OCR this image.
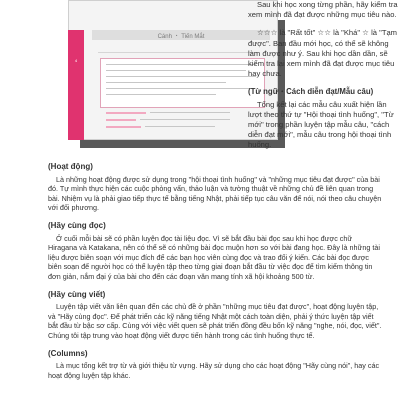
4
Cánh ・ Tiến Mắt

Sau khi học xong từng phần, hãy kiểm tra xem mình đã đạt được những mục tiêu nào.

☆☆☆ là "Rất tốt" ☆☆ là "Khá" ☆ là "Tạm được". Ban đầu mới học, có thể sẽ không làm được như ý. Sau khi học dần dần, sẽ kiểm tra lại xem mình đã đạt được mục tiêu hay chưa.

(Từ ngữ・Cách diễn đạt/Mẫu câu)

Tổng kết lại các mẫu câu xuất hiện lần lượt theo thứ tự "Hội thoại tình huống", "Từ mới" trong phần luyện tập mẫu câu, "cách diễn đạt mới", mẫu câu trong hội thoại tình huống.

(Hoạt động)

Là những hoạt động được sử dụng trong "hội thoại tình huống" và "những mục tiêu đạt được" của bài đó. Tự mình thực hiện các cuộc phỏng vấn, thảo luận và tường thuật về những chủ đề liên quan trong bài. Nhiệm vụ là phải giao tiếp thực tế bằng tiếng Nhật, phải tiếp tục câu văn để nói, nói theo câu chuyện với đối phương.

(Hãy cùng đọc)

Ở cuối mỗi bài sẽ có phần luyện đọc tài liệu đọc. Vì sẽ bắt đầu bài đọc sau khi học được chữ Hiragana và Katakana, nên có thể sẽ có những bài đọc muộn hơn so với bài đang học. Đây là những tài liệu được biên soạn với mục đích để các bạn học viên cùng đọc và trao đổi ý kiến. Các bài đọc được biên soạn để người học có thể luyện tập theo từng giai đoạn bắt đầu từ việc đọc để tìm kiếm thông tin đơn giản, nắm đại ý của bài cho đến các đoạn văn mang tính xã hội khoảng 500 từ.

(Hãy cùng viết)

Luyện tập viết văn liên quan đến các chủ đề ở phần "những mục tiêu đạt được", hoạt động luyện tập, và "Hãy cùng đọc". Để phát triển các kỹ năng tiếng Nhật một cách toàn diện, phải ý thức luyện tập viết bắt đầu từ bậc sơ cấp. Cùng với việc viết quen sẽ phát triển đồng đều bốn kỹ năng "nghe, nói, đọc, viết". Chúng tôi tập trung vào hoạt động viết được tiến hành trong các tình huống thực tế.

(Columns)

Là mục tổng kết trợ từ và giới thiệu từ vựng. Hãy sử dụng cho các hoạt động "Hãy cùng nói", hay các hoạt động luyện tập khác.
